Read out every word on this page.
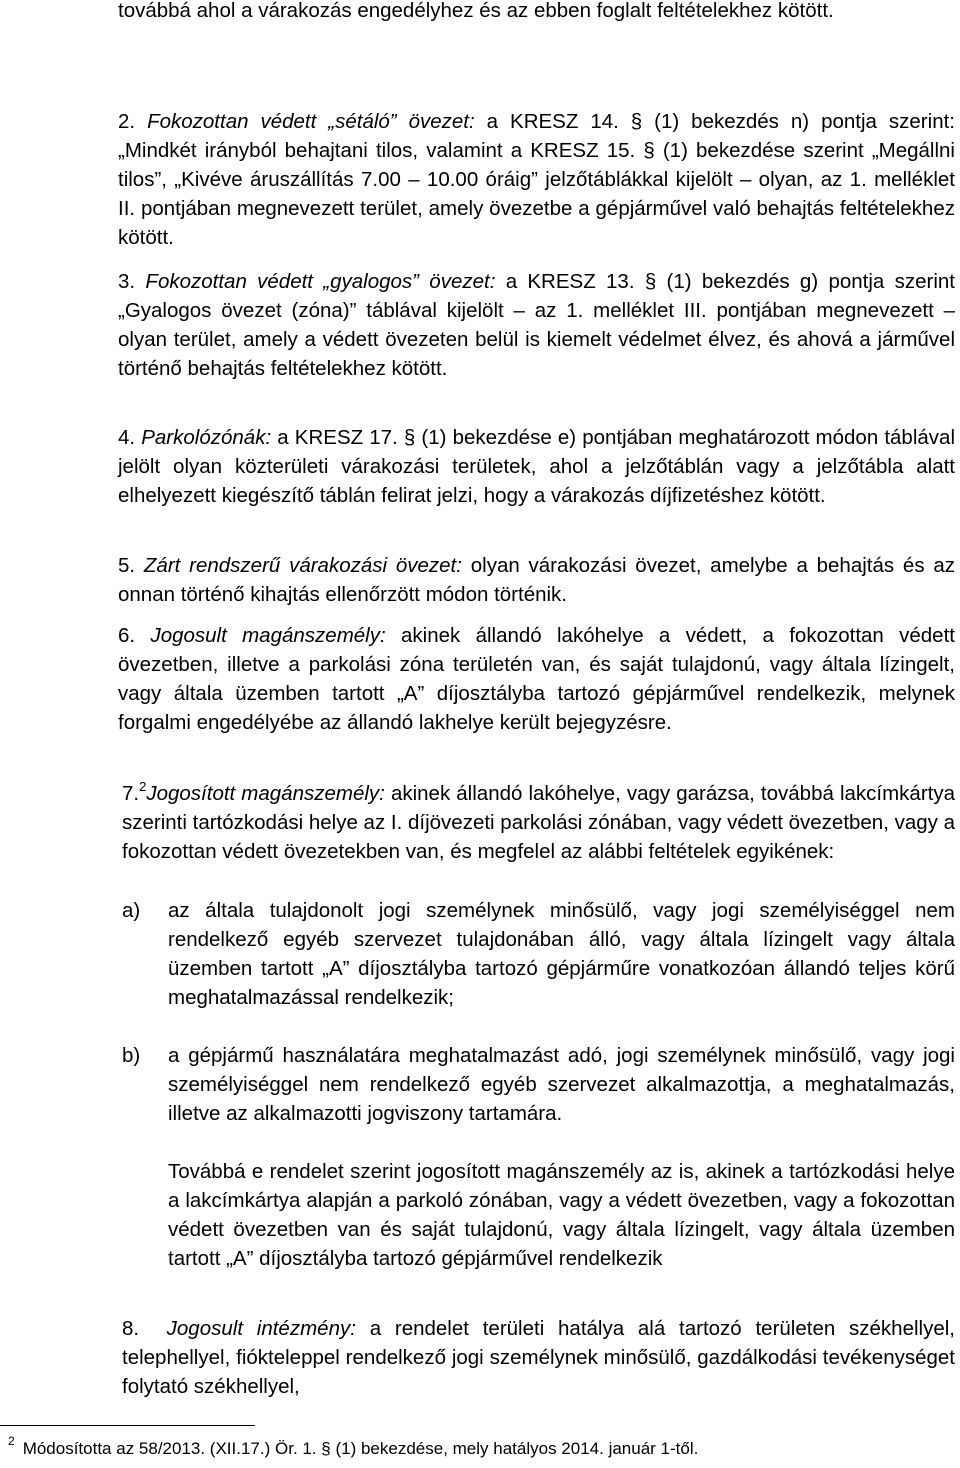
továbbá ahol a várakozás engedélyhez és az ebben foglalt feltételekhez kötött.

2. Fokozottan védett „sétáló” övezet: a KRESZ 14. § (1) bekezdés n) pontja szerint: „Mindkét irányból behajtani tilos, valamint a KRESZ 15. § (1) bekezdése szerint „Megállni tilos”, „Kivéve áruszállítás 7.00 – 10.00 óráig” jelzőtáblákkal kijelölt – olyan, az 1. melléklet II. pontjában megnevezett terület, amely övezetbe a gépjárművel való behajtás feltételekhez kötött.

3. Fokozottan védett „gyalogos” övezet: a KRESZ 13. § (1) bekezdés g) pontja szerint „Gyalogos övezet (zóna)” táblával kijelölt – az 1. melléklet III. pontjában megnevezett – olyan terület, amely a védett övezeten belül is kiemelt védelmet élvez, és ahová a járművel történő behajtás feltételekhez kötött.

4. Parkolózónák: a KRESZ 17. § (1) bekezdése e) pontjában meghatározott módon táblával jelölt olyan közterületi várakozási területek, ahol a jelzőtáblán vagy a jelzőtábla alatt elhelyezett kiegészítő táblán felirat jelzi, hogy a várakozás díjfizetéshez kötött.

5. Zárt rendszerű várakozási övezet: olyan várakozási övezet, amelybe a behajtás és az onnan történő kihajtás ellenőrzött módon történik.

6. Jogosult magánszemély: akinek állandó lakóhelye a védett, a fokozottan védett övezetben, illetve a parkolási zóna területén van, és saját tulajdonú, vagy általa lízingelt, vagy általa üzemben tartott „A” díjosztályba tartozó gépjárművel rendelkezik, melynek forgalmi engedélyébe az állandó lakhelye került bejegyzésre.

7.$^2$Jogosított magánszemély: akinek állandó lakóhelye, vagy garázsa, továbbá lakcímkártya szerinti tartózkodási helye az I. díjövezeti parkolási zónában, vagy védett övezetben, vagy a fokozottan védett övezetekben van, és megfelel az alábbi feltételek egyikének:

a) az általa tulajdonolt jogi személynek minősülő, vagy jogi személyiséggel nem rendelkező egyéb szervezet tulajdonában álló, vagy általa lízingelt vagy általa üzemben tartott „A” díjosztályba tartozó gépjárműre vonatkozóan állandó teljes körű meghatalmazással rendelkezik;
b) a gépjármű használatára meghatalmazást adó, jogi személynek minősülő, vagy jogi személyiséggel nem rendelkező egyéb szervezet alkalmazottja, a meghatalmazás, illetve az alkalmazotti jogviszony tartamára.
Továbbá e rendelet szerint jogosított magánszemély az is, akinek a tartózkodási helye a lakcímkártya alapján a parkoló zónában, vagy a védett övezetben, vagy a fokozottan védett övezetben van és saját tulajdonú, vagy általa lízingelt, vagy általa üzemben tartott „A” díjosztályba tartozó gépjárművel rendelkezik

8. Jogosult intézmény: a rendelet területi hatálya alá tartozó területen székhellyel, telephellyel, fiókteleppel rendelkező jogi személynek minősülő, gazdálkodási tevékenységet folytató székhellyel,

$^2$ Módosította az 58/2013. (XII.17.) Ör. 1. § (1) bekezdése, mely hatályos 2014. január 1-től.
